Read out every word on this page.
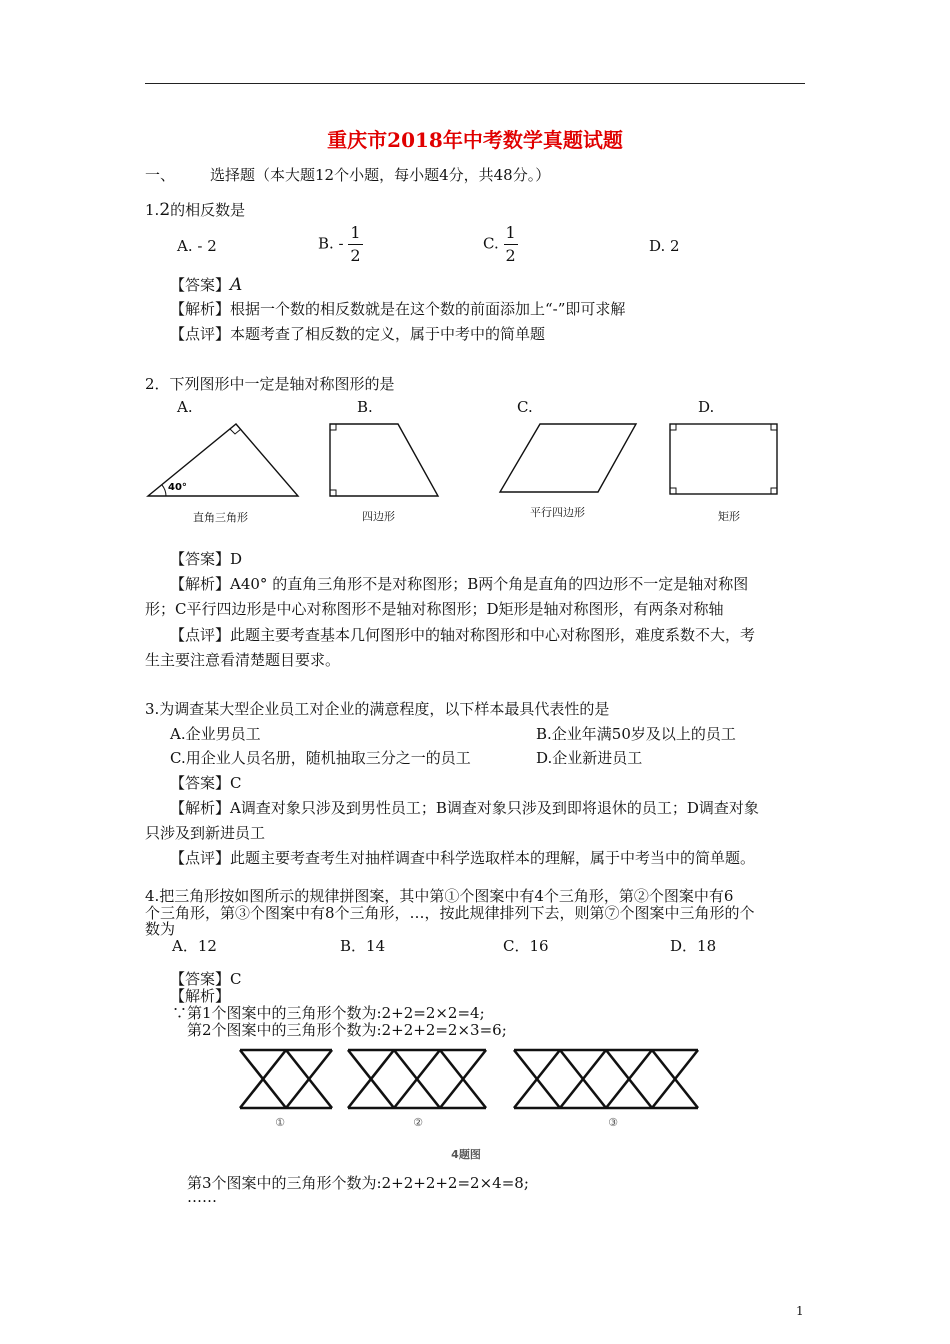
重庆市2018年中考数学真题试题
一、 选择题（本大题12个小题，每小题4分，共48分。）
1.2的相反数是
A. - 2	B. - $\frac{1}{2}$	C. $\frac{1}{2}$	D. 2
【答案】A
【解析】根据一个数的相反数就是在这个数的前面添加上“-”即可求解
【点评】本题考查了相反数的定义，属于中考中的简单题
2．下列图形中一定是轴对称图形的是
A.	B.	C.	D.
40°
直角三角形	四边形	平行四边形	矩形
【答案】D
【解析】A40° 的直角三角形不是对称图形；B两个角是直角的四边形不一定是轴对称图
形；C平行四边形是中心对称图形不是轴对称图形；D矩形是轴对称图形，有两条对称轴
【点评】此题主要考查基本几何图形中的轴对称图形和中心对称图形，难度系数不大，考
生主要注意看清楚题目要求。
3.为调查某大型企业员工对企业的满意程度，以下样本最具代表性的是
A.企业男员工	B.企业年满50岁及以上的员工
C.用企业人员名册，随机抽取三分之一的员工	D.企业新进员工
【答案】C
【解析】A调查对象只涉及到男性员工；B调查对象只涉及到即将退休的员工；D调查对象
只涉及到新进员工
【点评】此题主要考查考生对抽样调查中科学选取样本的理解，属于中考当中的简单题。
4.把三角形按如图所示的规律拼图案，其中第①个图案中有4个三角形，第②个图案中有6
个三角形，第③个图案中有8个三角形，…，按此规律排列下去，则第⑦个图案中三角形的个
数为
A．12	B．14	C．16	D．18
【答案】C
【解析】
∵第1个图案中的三角形个数为:2+2=2×2=4;
第2个图案中的三角形个数为:2+2+2=2×3=6;
①	②	③
4题图
第3个图案中的三角形个数为:2+2+2+2=2×4=8;
……
1
